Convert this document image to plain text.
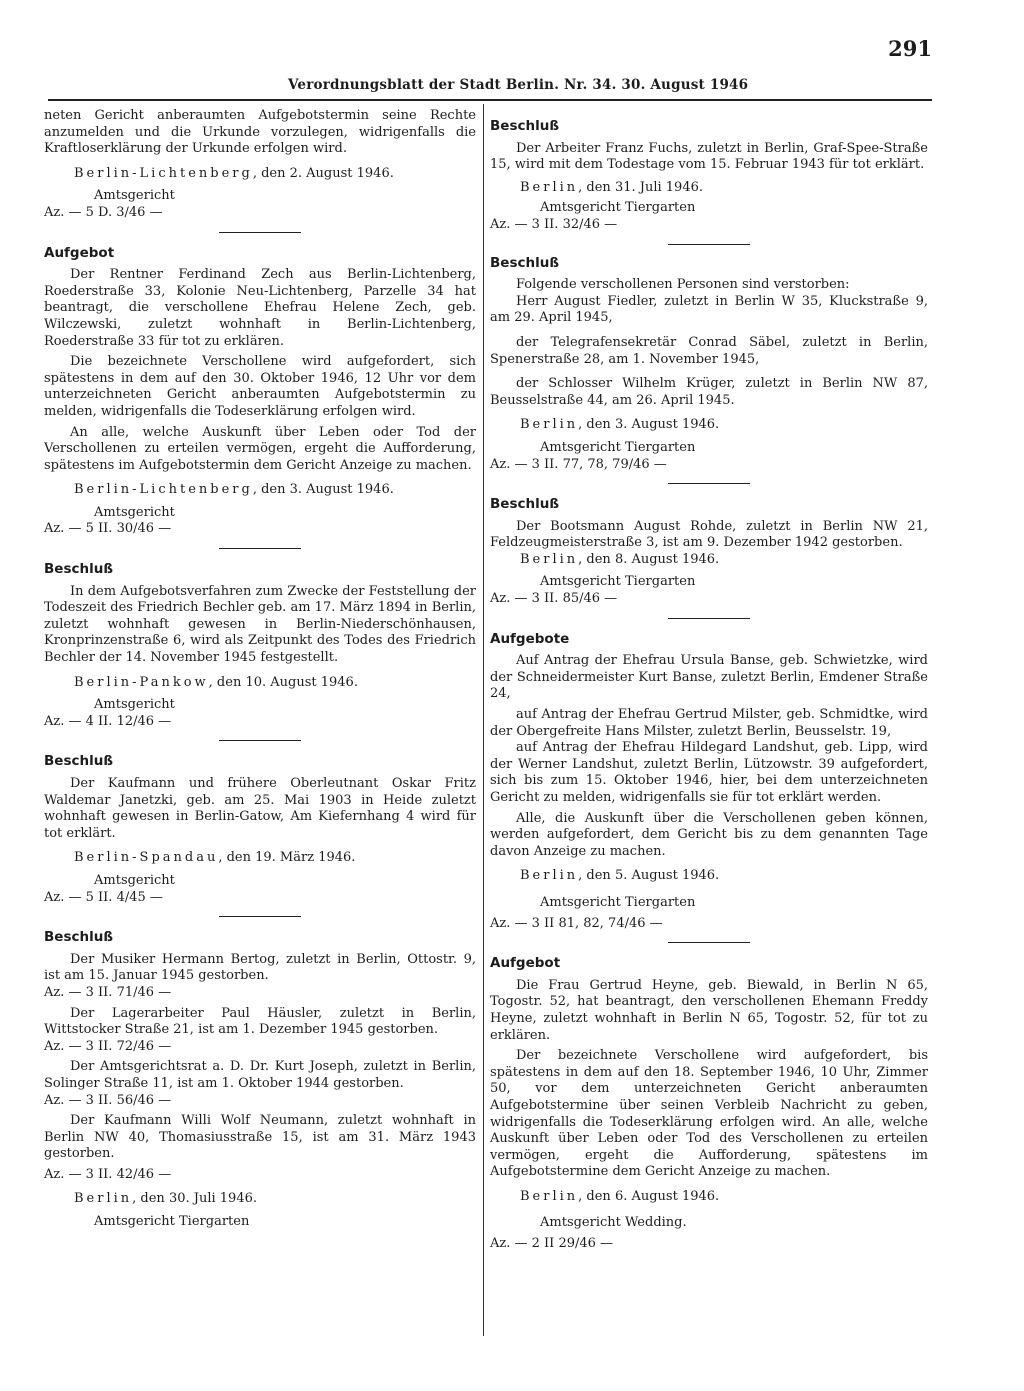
Verordnungsblatt der Stadt Berlin. Nr. 34. 30. August 1946
291

neten Gericht anberaumten Aufgebotstermin seine Rechte anzumelden und die Urkunde vorzulegen, widrigenfalls die Kraftloserklärung der Urkunde erfolgen wird.

Berlin-Lichtenberg, den 2. August 1946.

Amtsgericht

Az. — 5 D. 3/46 —

Aufgebot

Der Rentner Ferdinand Zech aus Berlin-Lichtenberg, Roederstraße 33, Kolonie Neu-Lichtenberg, Parzelle 34 hat beantragt, die verschollene Ehefrau Helene Zech, geb. Wilczewski, zuletzt wohnhaft in Berlin-Lichtenberg, Roederstraße 33 für tot zu erklären.

Die bezeichnete Verschollene wird aufgefordert, sich spätestens in dem auf den 30. Oktober 1946, 12 Uhr vor dem unterzeichneten Gericht anberaumten Aufgebotstermin zu melden, widrigenfalls die Todeserklärung erfolgen wird.

An alle, welche Auskunft über Leben oder Tod der Verschollenen zu erteilen vermögen, ergeht die Aufforderung, spätestens im Aufgebotstermin dem Gericht Anzeige zu machen.

Berlin-Lichtenberg, den 3. August 1946.

Amtsgericht

Az. — 5 II. 30/46 —

Beschluß

In dem Aufgebotsverfahren zum Zwecke der Feststellung der Todeszeit des Friedrich Bechler geb. am 17. März 1894 in Berlin, zuletzt wohnhaft gewesen in Berlin-Niederschönhausen, Kronprinzenstraße 6, wird als Zeitpunkt des Todes des Friedrich Bechler der 14. November 1945 festgestellt.

Berlin-Pankow, den 10. August 1946.

Amtsgericht

Az. — 4 II. 12/46 —

Beschluß

Der Kaufmann und frühere Oberleutnant Oskar Fritz Waldemar Janetzki, geb. am 25. Mai 1903 in Heide zuletzt wohnhaft gewesen in Berlin-Gatow, Am Kiefernhang 4 wird für tot erklärt.

Berlin-Spandau, den 19. März 1946.

Amtsgericht

Az. — 5 II. 4/45 —

Beschluß

Der Musiker Hermann Bertog, zuletzt in Berlin, Ottostr. 9, ist am 15. Januar 1945 gestorben.

Az. — 3 II. 71/46 —

Der Lagerarbeiter Paul Häusler, zuletzt in Berlin, Wittstocker Straße 21, ist am 1. Dezember 1945 gestorben.

Az. — 3 II. 72/46 —

Der Amtsgerichtsrat a. D. Dr. Kurt Joseph, zuletzt in Berlin, Solinger Straße 11, ist am 1. Oktober 1944 gestorben.

Az. — 3 II. 56/46 —

Der Kaufmann Willi Wolf Neumann, zuletzt wohnhaft in Berlin NW 40, Thomasiusstraße 15, ist am 31. März 1943 gestorben.

Az. — 3 II. 42/46 —

Berlin, den 30. Juli 1946.

Amtsgericht Tiergarten

Beschluß

Der Arbeiter Franz Fuchs, zuletzt in Berlin, Graf-Spee-Straße 15, wird mit dem Todestage vom 15. Februar 1943 für tot erklärt.

Berlin, den 31. Juli 1946.

Amtsgericht Tiergarten

Az. — 3 II. 32/46 —

Beschluß

Folgende verschollenen Personen sind verstorben:

Herr August Fiedler, zuletzt in Berlin W 35, Kluckstraße 9, am 29. April 1945,

der Telegrafensekretär Conrad Säbel, zuletzt in Berlin, Spenerstraße 28, am 1. November 1945,

der Schlosser Wilhelm Krüger, zuletzt in Berlin NW 87, Beusselstraße 44, am 26. April 1945.

Berlin, den 3. August 1946.

Amtsgericht Tiergarten

Az. — 3 II. 77, 78, 79/46 —

Beschluß

Der Bootsmann August Rohde, zuletzt in Berlin NW 21, Feldzeugmeisterstraße 3, ist am 9. Dezember 1942 gestorben.

Berlin, den 8. August 1946.

Amtsgericht Tiergarten

Az. — 3 II. 85/46 —

Aufgebote

Auf Antrag der Ehefrau Ursula Banse, geb. Schwietzke, wird der Schneidermeister Kurt Banse, zuletzt Berlin, Emdener Straße 24,

auf Antrag der Ehefrau Gertrud Milster, geb. Schmidtke, wird der Obergefreite Hans Milster, zuletzt Berlin, Beusselstr. 19,

auf Antrag der Ehefrau Hildegard Landshut, geb. Lipp, wird der Werner Landshut, zuletzt Berlin, Lützowstr. 39 aufgefordert, sich bis zum 15. Oktober 1946, hier, bei dem unterzeichneten Gericht zu melden, widrigenfalls sie für tot erklärt werden.

Alle, die Auskunft über die Verschollenen geben können, werden aufgefordert, dem Gericht bis zu dem genannten Tage davon Anzeige zu machen.

Berlin, den 5. August 1946.

Amtsgericht Tiergarten

Az. — 3 II 81, 82, 74/46 —

Aufgebot

Die Frau Gertrud Heyne, geb. Biewald, in Berlin N 65, Togostr. 52, hat beantragt, den verschollenen Ehemann Freddy Heyne, zuletzt wohnhaft in Berlin N 65, Togostr. 52, für tot zu erklären.

Der bezeichnete Verschollene wird aufgefordert, bis spätestens in dem auf den 18. September 1946, 10 Uhr, Zimmer 50, vor dem unterzeichneten Gericht anberaumten Aufgebotstermine über seinen Verbleib Nachricht zu geben, widrigenfalls die Todeserklärung erfolgen wird. An alle, welche Auskunft über Leben oder Tod des Verschollenen zu erteilen vermögen, ergeht die Aufforderung, spätestens im Aufgebotstermine dem Gericht Anzeige zu machen.

Berlin, den 6. August 1946.

Amtsgericht Wedding.

Az. — 2 II 29/46 —
